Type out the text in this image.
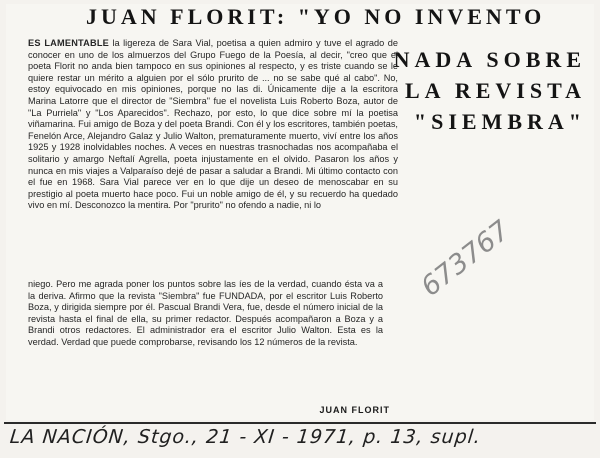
JUAN FLORIT: "YO NO INVENTO
NADA SOBRE LA REVISTA "SIEMBRA"
ES LAMENTABLE la ligereza de Sara Vial, poetisa a quien admiro y tuve el agrado de conocer en uno de los almuerzos del Grupo Fuego de la Poesía, al decir, "creo que el poeta Florit no anda bien tampoco en sus opiniones al respecto, y es triste cuando se le quiere restar un mérito a alguien por el sólo prurito de ... no se sabe qué al cabo". No, estoy equivocado en mis opiniones, porque no las di. Únicamente dije a la escritora Marina Latorre que el director de "Siembra" fue el novelista Luis Roberto Boza, autor de "La Purriela" y "Los Aparecidos". Rechazo, por esto, lo que dice sobre mí la poetisa viñamarina. Fui amigo de Boza y del poeta Brandi. Con él y los escritores, también poetas, Fenelón Arce, Alejandro Galaz y Julio Walton, prematuramente muerto, viví entre los años 1925 y 1928 inolvidables noches. A veces en nuestras trasnochadas nos acompañaba el solitario y amargo Neftalí Agrella, poeta injustamente en el olvido. Pasaron los años y nunca en mis viajes a Valparaíso dejé de pasar a saludar a Brandi. Mi último contacto con el fue en 1968. Sara Vial parece ver en lo que dije un deseo de menoscabar en su prestigio al poeta muerto hace poco. Fui un noble amigo de él, y su recuerdo ha quedado vivo en mí. Desconozco la mentira. Por "prurito" no ofendo a nadie, ni lo
niego. Pero me agrada poner los puntos sobre las íes de la verdad, cuando ésta va a la deriva. Afirmo que la revista "Siembra" fue FUNDADA, por el escritor Luis Roberto Boza, y dirigida siempre por él. Pascual Brandi Vera, fue, desde el número inicial de la revista hasta el final de ella, su primer redactor. Después acompañaron a Boza y a Brandi otros redactores. El administrador era el escritor Julio Walton. Esta es la verdad. Verdad que puede comprobarse, revisando los 12 números de la revista.
JUAN FLORIT
673767
LA NACIÓN, Stgo., 21 - XI - 1971, p. 13, supl.
